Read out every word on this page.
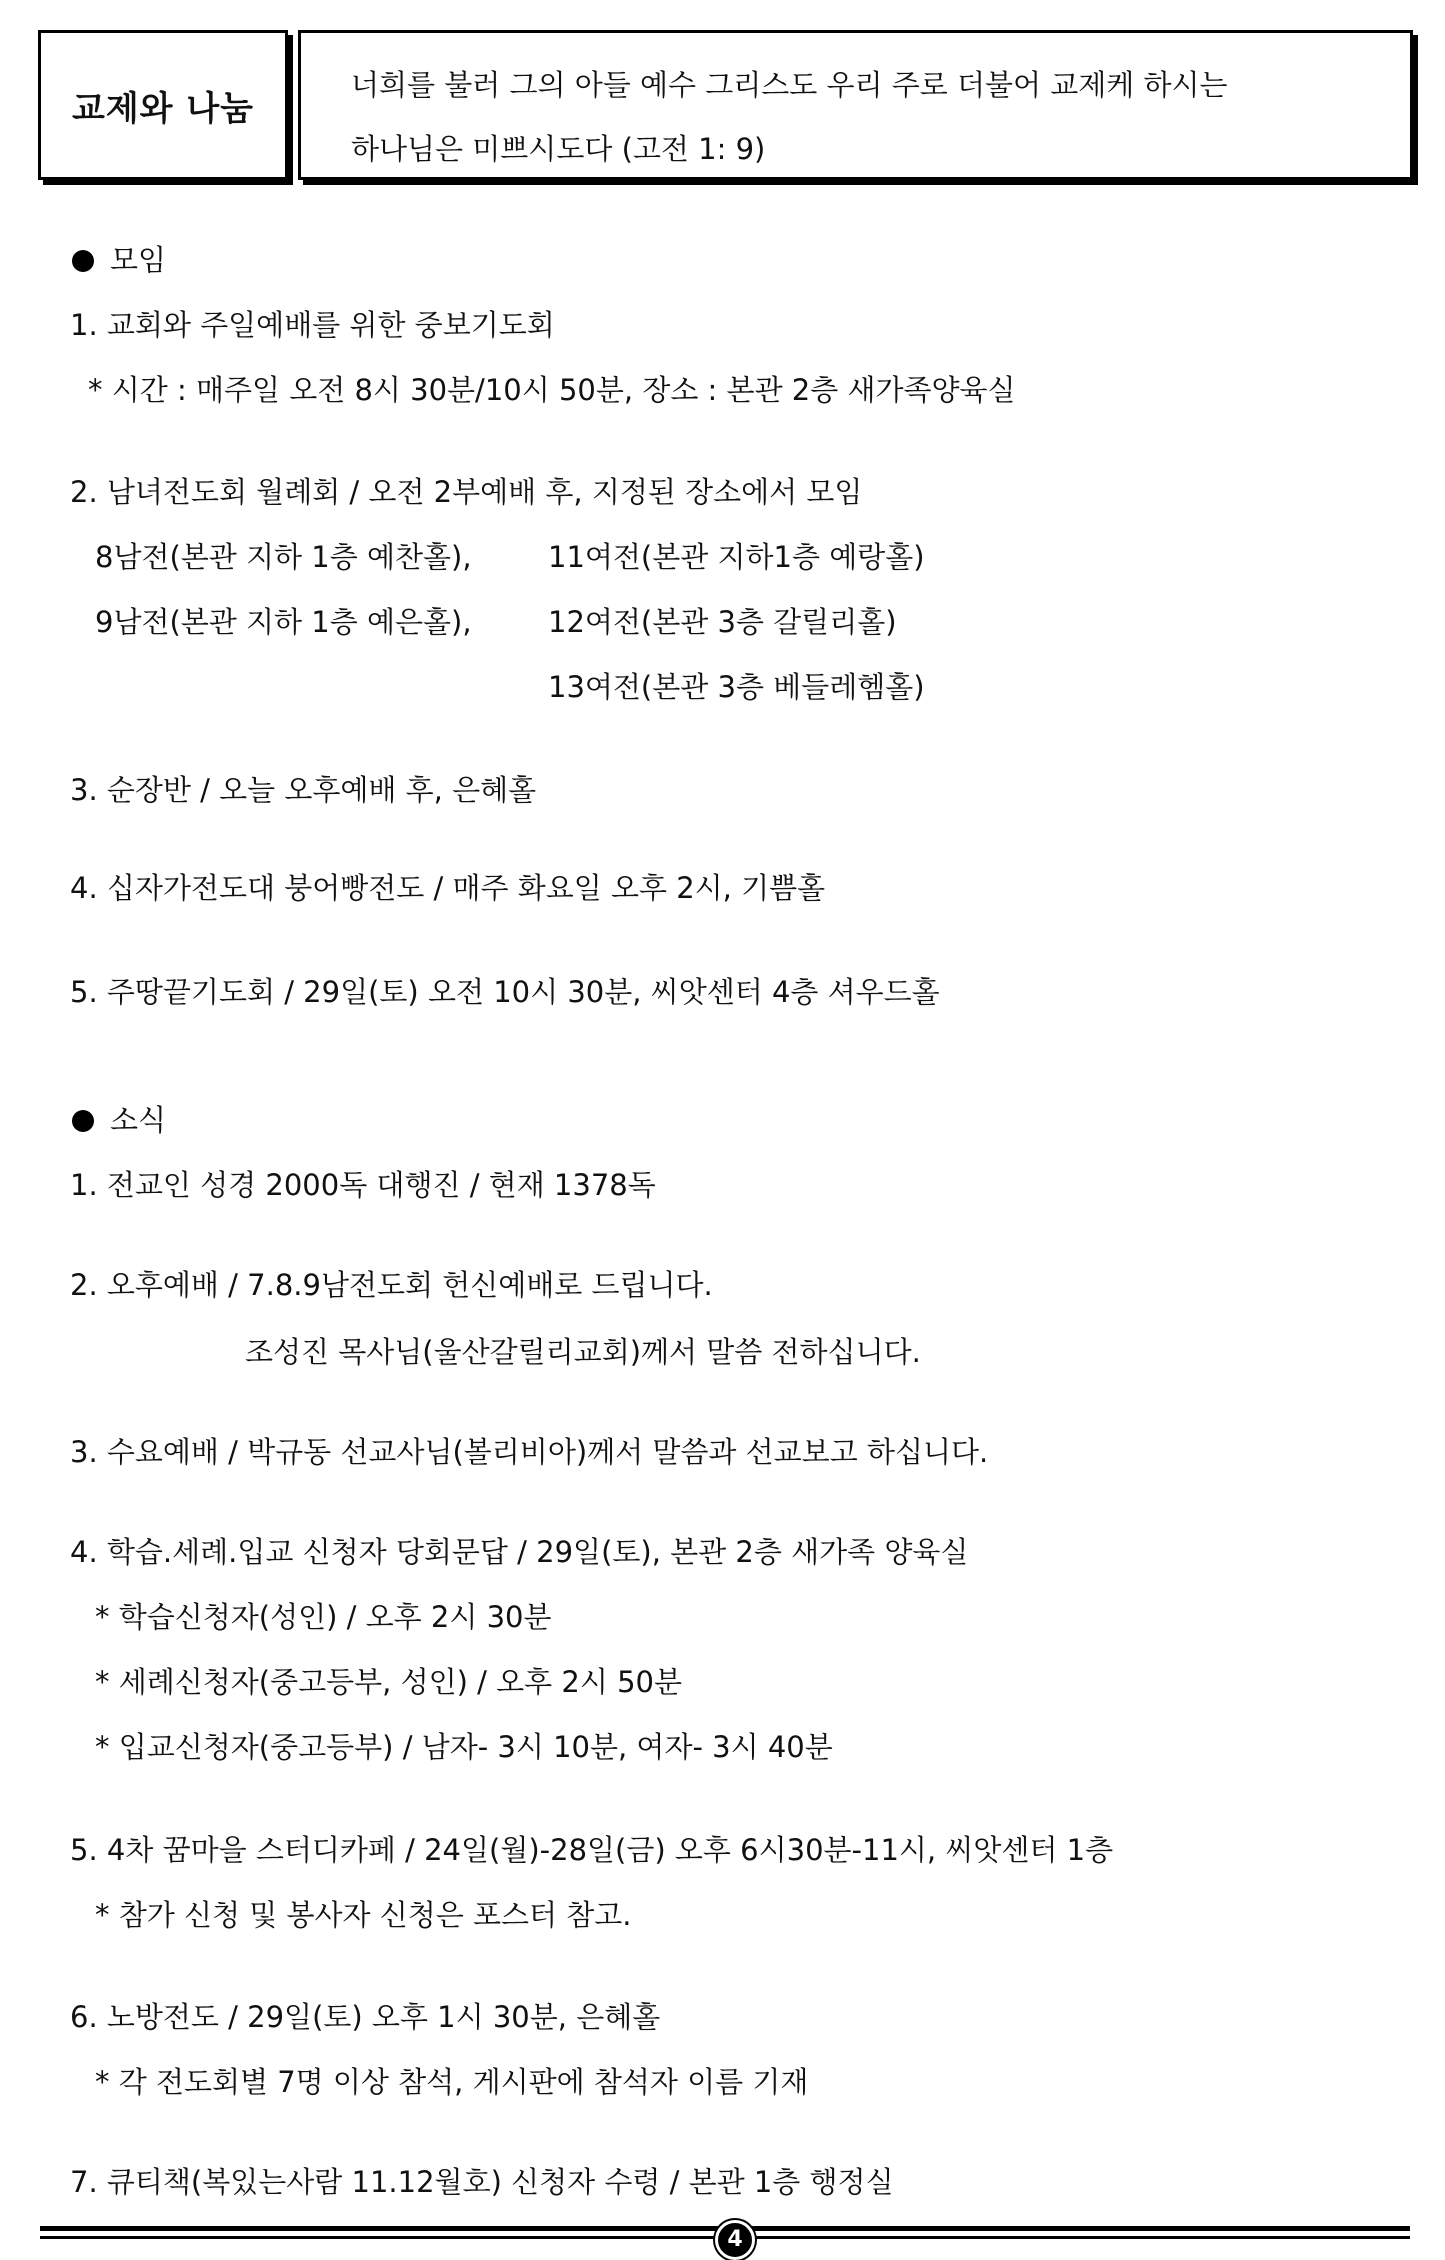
교제와 나눔
너희를 불러 그의 아들 예수 그리스도 우리 주로 더불어 교제케 하시는
하나님은 미쁘시도다 (고전 1: 9)
모임
1. 교회와 주일예배를 위한 중보기도회
* 시간 : 매주일 오전 8시 30분/10시 50분, 장소 : 본관 2층 새가족양육실
2. 남녀전도회 월례회 / 오전 2부예배 후, 지정된 장소에서 모임
8남전(본관 지하 1층 예찬홀),	11여전(본관 지하1층 예랑홀)
9남전(본관 지하 1층 예은홀),	12여전(본관 3층 갈릴리홀)
13여전(본관 3층 베들레헴홀)
3. 순장반 / 오늘 오후예배 후, 은혜홀
4. 십자가전도대 붕어빵전도 / 매주 화요일 오후 2시, 기쁨홀
5. 주땅끝기도회 / 29일(토) 오전 10시 30분, 씨앗센터 4층 셔우드홀
소식
1. 전교인 성경 2000독 대행진 / 현재 1378독
2. 오후예배 / 7.8.9남전도회 헌신예배로 드립니다.
조성진 목사님(울산갈릴리교회)께서 말씀 전하십니다.
3. 수요예배 / 박규동 선교사님(볼리비아)께서 말씀과 선교보고 하십니다.
4. 학습.세례.입교 신청자 당회문답 / 29일(토), 본관 2층 새가족 양육실
* 학습신청자(성인) / 오후 2시 30분
* 세례신청자(중고등부, 성인) / 오후 2시 50분
* 입교신청자(중고등부) / 남자- 3시 10분, 여자- 3시 40분
5. 4차 꿈마을 스터디카페 / 24일(월)-28일(금) 오후 6시30분-11시, 씨앗센터 1층
* 참가 신청 및 봉사자 신청은 포스터 참고.
6. 노방전도 / 29일(토) 오후 1시 30분, 은혜홀
* 각 전도회별 7명 이상 참석, 게시판에 참석자 이름 기재
7. 큐티책(복있는사람 11.12월호) 신청자 수령 / 본관 1층 행정실
4
